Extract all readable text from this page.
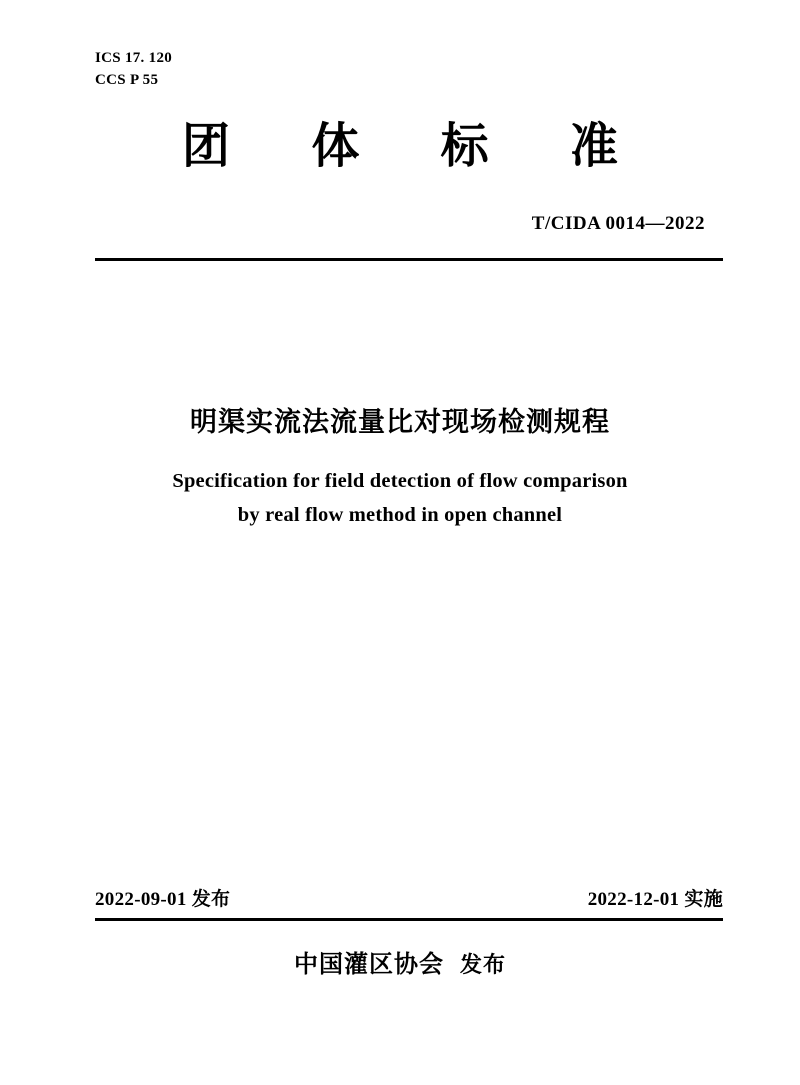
ICS 17. 120
CCS P 55
团 体 标 准
T/CIDA 0014—2022
明渠实流法流量比对现场检测规程
Specification for field detection of flow comparison
by real flow method in open channel
2022-09-01 发布	2022-12-01 实施
中国灌区协会 发布
